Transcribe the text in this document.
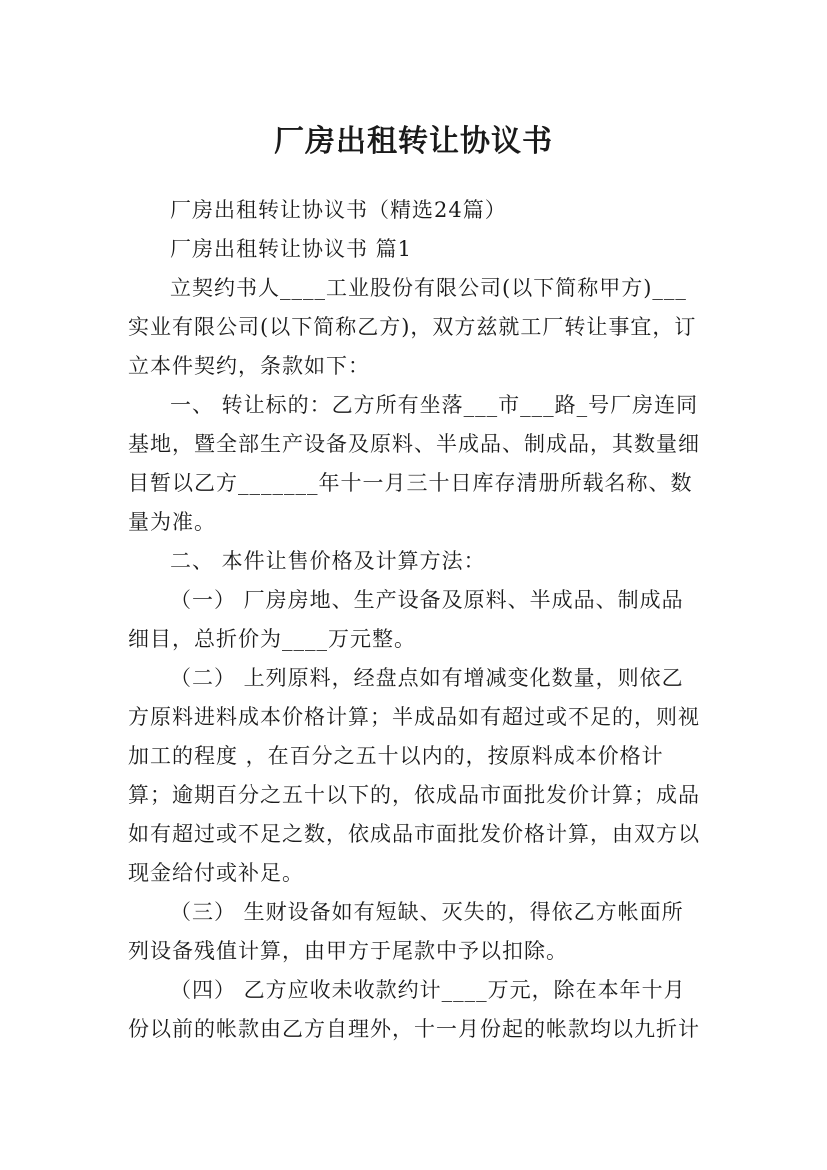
厂房出租转让协议书

厂房出租转让协议书（精选24篇）

厂房出租转让协议书 篇1

立契约书人____工业股份有限公司(以下简称甲方)___实业有限公司(以下简称乙方)，双方兹就工厂转让事宜，订立本件契约，条款如下：

一、 转让标的：乙方所有坐落___市___路_号厂房连同基地，暨全部生产设备及原料、半成品、制成品，其数量细目暂以乙方_______年十一月三十日库存清册所载名称、数量为准。

二、 本件让售价格及计算方法：

（一） 厂房房地、生产设备及原料、半成品、制成品细目，总折价为____万元整。

（二） 上列原料，经盘点如有增减变化数量，则依乙方原料进料成本价格计算；半成品如有超过或不足的，则视加工的程度 ，在百分之五十以内的，按原料成本价格计算；逾期百分之五十以下的，依成品市面批发价计算；成品如有超过或不足之数，依成品市面批发价格计算，由双方以现金给付或补足。

（三） 生财设备如有短缺、灭失的，得依乙方帐面所列设备残值计算，由甲方于尾款中予以扣除。

（四） 乙方应收未收款约计____万元，除在本年十月份以前的帐款由乙方自理外，十一月份起的帐款均以九折计
